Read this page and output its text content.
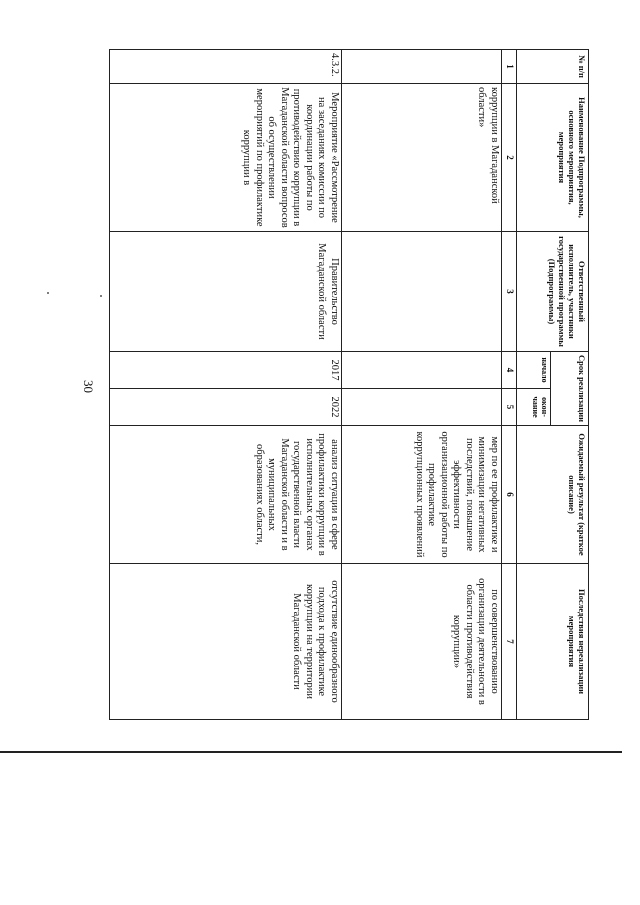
30
№ п/п	Наименование Подпрограммы, основного мероприятия, мероприятия	Ответственный исполнитель, участники государственной программы (Подпрограммы)	Срок реализации		Ожидаемый результат (краткое описание)	Последствия нереализации мероприятия
			начало	окон-чание		
1	2	3	4	5	6	7
	коррупции в Магаданской области»				мер по ее профилактике и минимизации негативных последствий, повышение эффективности организационной работы по профилактике коррупционных проявлений	по совершенствованию организации деятельности в области противодействия коррупции»
4.3.2.	Мероприятие «Рассмотрение на заседаниях комиссии по координации работы по противодействию коррупции в Магаданской области вопросов об осуществлении мероприятий по профилактике коррупции в	Правительство Магаданской области	2017	2022	анализ ситуации в сфере профилактики коррупции в исполнительных органах государственной власти Магаданской области и в муниципальных образованиях области,	отсутствие единообразного подхода к профилактике коррупции на территории Магаданской области
